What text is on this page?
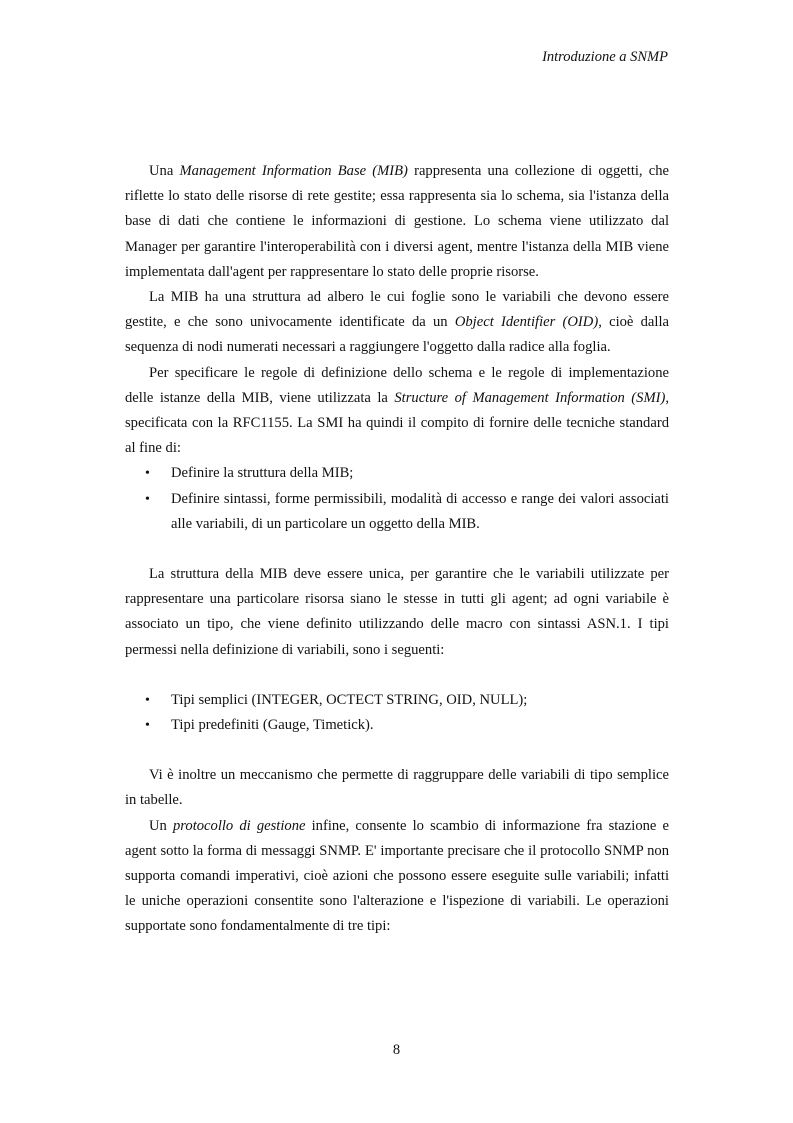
Introduzione a SNMP

Una Management Information Base (MIB) rappresenta una collezione di oggetti, che riflette lo stato delle risorse di rete gestite; essa rappresenta sia lo schema, sia l'istanza della base di dati che contiene le informazioni di gestione. Lo schema viene utilizzato dal Manager per garantire l'interoperabilità con i diversi agent, mentre l'istanza della MIB viene implementata dall'agent per rappresentare lo stato delle proprie risorse.

La MIB ha una struttura ad albero le cui foglie sono le variabili che devono essere gestite, e che sono univocamente identificate da un Object Identifier (OID), cioè dalla sequenza di nodi numerati necessari a raggiungere l'oggetto dalla radice alla foglia.

Per specificare le regole di definizione dello schema e le regole di implementazione delle istanze della MIB, viene utilizzata la Structure of Management Information (SMI), specificata con la RFC1155. La SMI ha quindi il compito di fornire delle tecniche standard al fine di:

• Definire la struttura della MIB;
• Definire sintassi, forme permissibili, modalità di accesso e range dei valori associati alle variabili, di un particolare un oggetto della MIB.

La struttura della MIB deve essere unica, per garantire che le variabili utilizzate per rappresentare una particolare risorsa siano le stesse in tutti gli agent; ad ogni variabile è associato un tipo, che viene definito utilizzando delle macro con sintassi ASN.1. I tipi permessi nella definizione di variabili, sono i seguenti:

• Tipi semplici (INTEGER, OCTECT STRING, OID, NULL);
• Tipi predefiniti (Gauge, Timetick).

Vi è inoltre un meccanismo che permette di raggruppare delle variabili di tipo semplice in tabelle.

Un protocollo di gestione infine, consente lo scambio di informazione fra stazione e agent sotto la forma di messaggi SNMP. E' importante precisare che il protocollo SNMP non supporta comandi imperativi, cioè azioni che possono essere eseguite sulle variabili; infatti le uniche operazioni consentite sono l'alterazione e l'ispezione di variabili. Le operazioni supportate sono fondamentalmente di tre tipi:

8
